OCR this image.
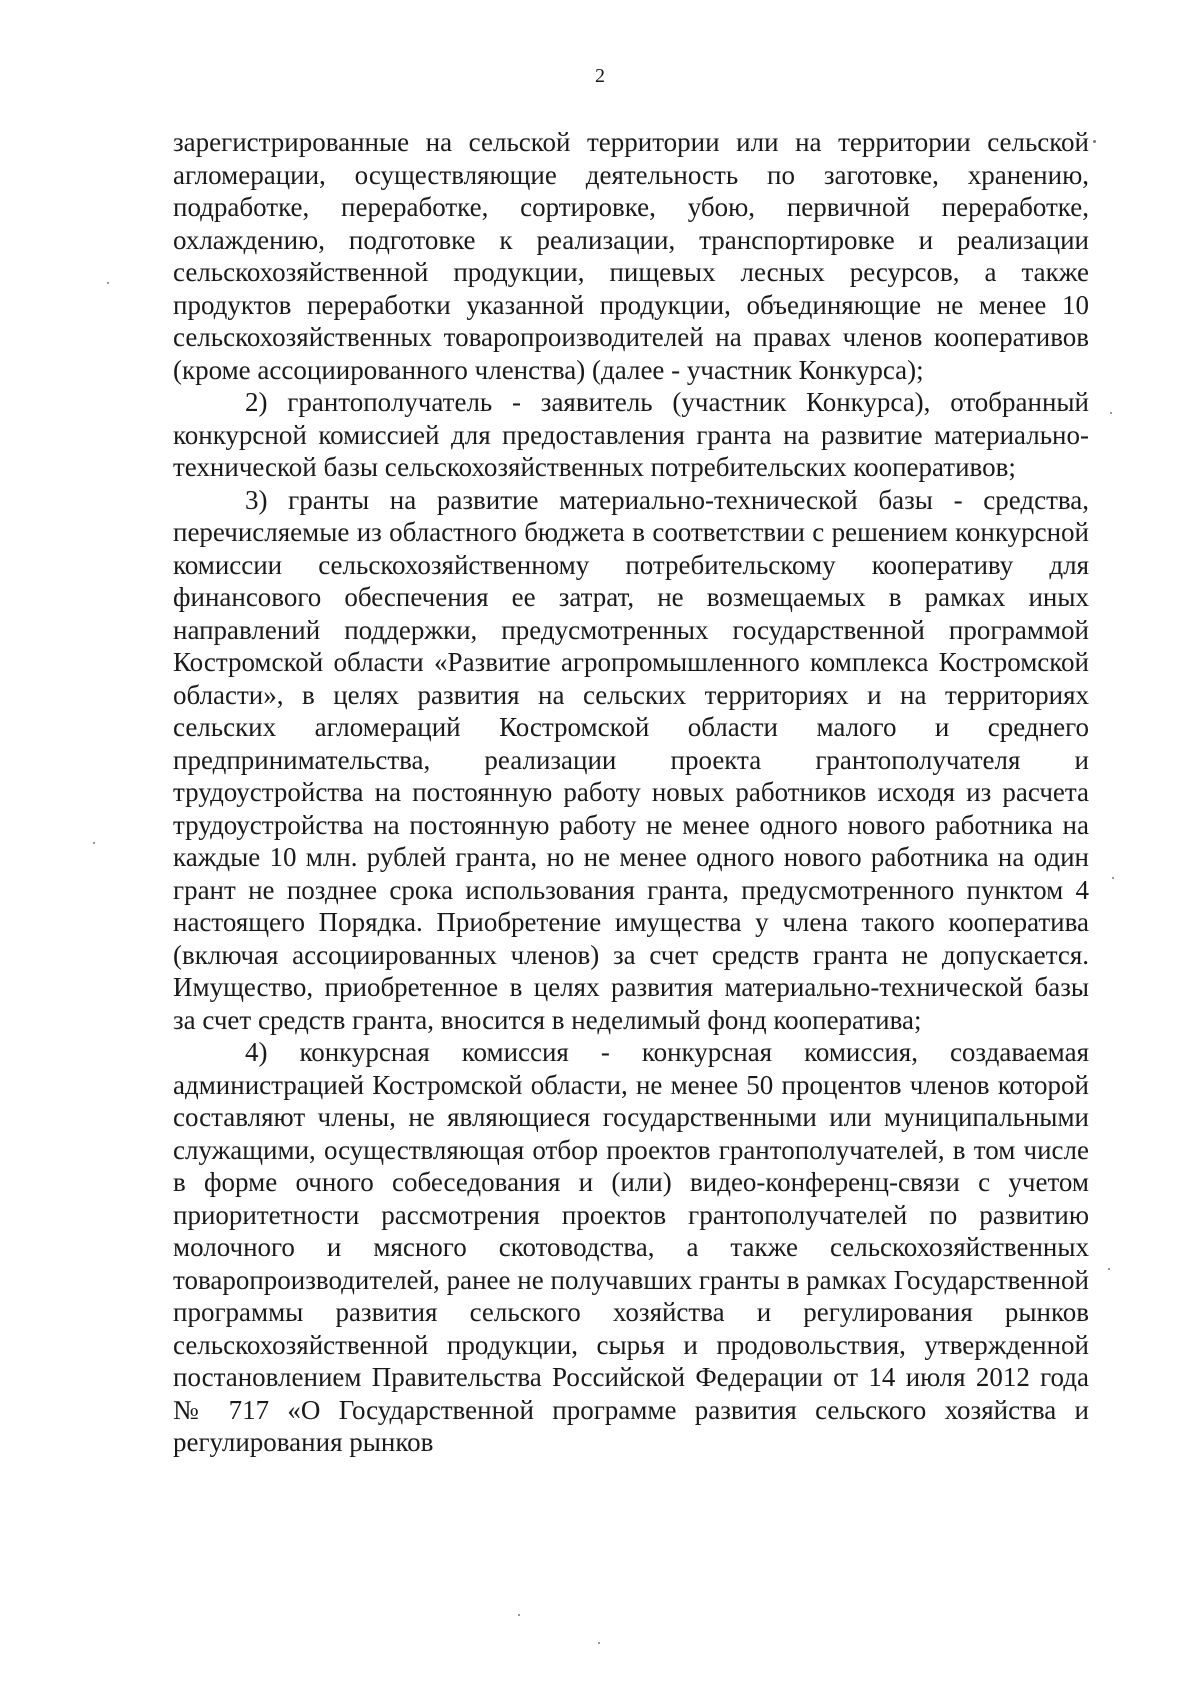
2

зарегистрированные на сельской территории или на территории сельской агломерации, осуществляющие деятельность по заготовке, хранению, подработке, переработке, сортировке, убою, первичной переработке, охлаждению, подготовке к реализации, транспортировке и реализации сельскохозяйственной продукции, пищевых лесных ресурсов, а также продуктов переработки указанной продукции, объединяющие не менее 10 сельскохозяйственных товаропроизводителей на правах членов кооперативов (кроме ассоциированного членства) (далее - участник Конкурса);

2) грантополучатель - заявитель (участник Конкурса), отобранный конкурсной комиссией для предоставления гранта на развитие материально-технической базы сельскохозяйственных потребительских кооперативов;

3) гранты на развитие материально-технической базы - средства, перечисляемые из областного бюджета в соответствии с решением конкурсной комиссии сельскохозяйственному потребительскому кооперативу для финансового обеспечения ее затрат, не возмещаемых в рамках иных направлений поддержки, предусмотренных государственной программой Костромской области «Развитие агропромышленного комплекса Костромской области», в целях развития на сельских территориях и на территориях сельских агломераций Костромской области малого и среднего предпринимательства, реализации проекта грантополучателя и трудоустройства на постоянную работу новых работников исходя из расчета трудоустройства на постоянную работу не менее одного нового работника на каждые 10 млн. рублей гранта, но не менее одного нового работника на один грант не позднее срока использования гранта, предусмотренного пунктом 4 настоящего Порядка. Приобретение имущества у члена такого кооператива (включая ассоциированных членов) за счет средств гранта не допускается. Имущество, приобретенное в целях развития материально-технической базы за счет средств гранта, вносится в неделимый фонд кооператива;

4) конкурсная комиссия - конкурсная комиссия, создаваемая администрацией Костромской области, не менее 50 процентов членов которой составляют члены, не являющиеся государственными или муниципальными служащими, осуществляющая отбор проектов грантополучателей, в том числе в форме очного собеседования и (или) видео-конференц-связи с учетом приоритетности рассмотрения проектов грантополучателей по развитию молочного и мясного скотоводства, а также сельскохозяйственных товаропроизводителей, ранее не получавших гранты в рамках Государственной программы развития сельского хозяйства и регулирования рынков сельскохозяйственной продукции, сырья и продовольствия, утвержденной постановлением Правительства Российской Федерации от 14 июля 2012 года № 717 «О Государственной программе развития сельского хозяйства и регулирования рынков
